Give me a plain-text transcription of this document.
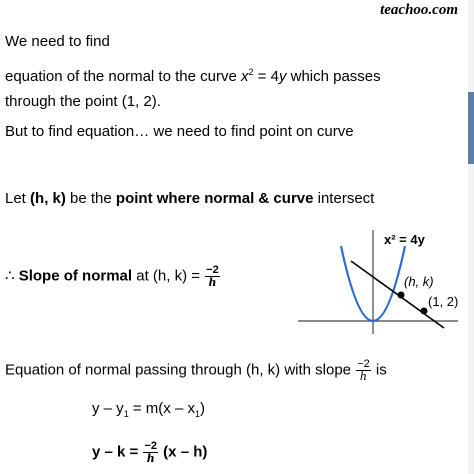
teachoo.com
We need to find
equation of the normal to the curve $x^2 = 4y$ which passes
through the point (1, 2).
But to find equation… we need to find point on curve
Let (h, k) be the point where normal & curve intersect
∴ Slope of normal at (h, $k) = \frac{-2}{h}$
Equation of normal passing through (h, k) with slope $\frac{-2}{h}$ is
$y - y_1 = m(x - x_1)$
$y - k = \frac{-2}{h} (x - h)$
x² = 4y
(h, k)
(1, 2)
